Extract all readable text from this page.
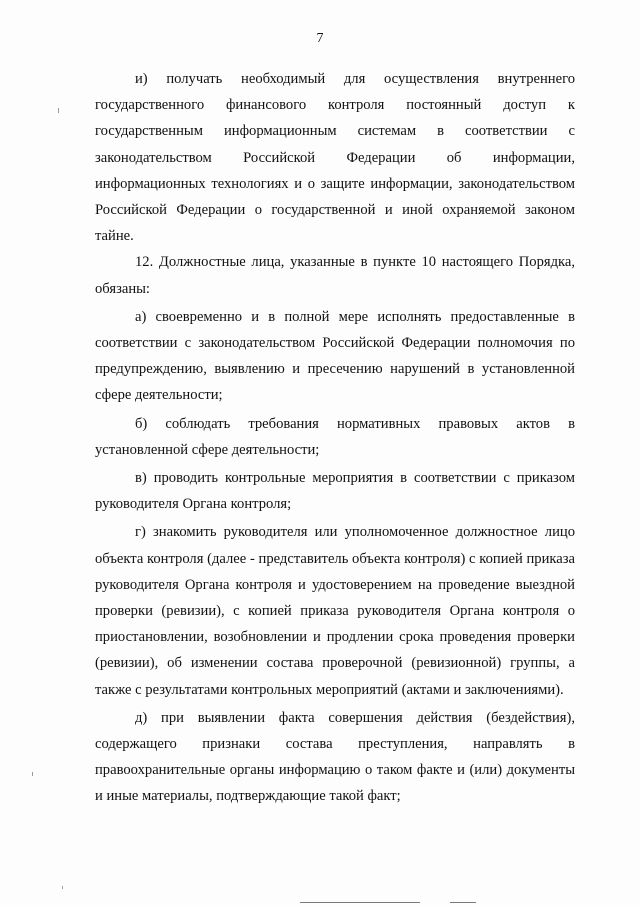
7

и) получать необходимый для осуществления внутреннего государственного финансового контроля постоянный доступ к государственным информационным системам в соответствии с законодательством Российской Федерации об информации, информационных технологиях и о защите информации, законодательством Российской Федерации о государственной и иной охраняемой законом тайне.

12. Должностные лица, указанные в пункте 10 настоящего Порядка, обязаны:

а) своевременно и в полной мере исполнять предоставленные в соответствии с законодательством Российской Федерации полномочия по предупреждению, выявлению и пресечению нарушений в установленной сфере деятельности;

б) соблюдать требования нормативных правовых актов в установленной сфере деятельности;

в) проводить контрольные мероприятия в соответствии с приказом руководителя Органа контроля;

г) знакомить руководителя или уполномоченное должностное лицо объекта контроля (далее - представитель объекта контроля) с копией приказа руководителя Органа контроля и удостоверением на проведение выездной проверки (ревизии), с копией приказа руководителя Органа контроля о приостановлении, возобновлении и продлении срока проведения проверки (ревизии), об изменении состава проверочной (ревизионной) группы, а также с результатами контрольных мероприятий (актами и заключениями).

д) при выявлении факта совершения действия (бездействия), содержащего признаки состава преступления, направлять в правоохранительные органы информацию о таком факте и (или) документы и иные материалы, подтверждающие такой факт;
